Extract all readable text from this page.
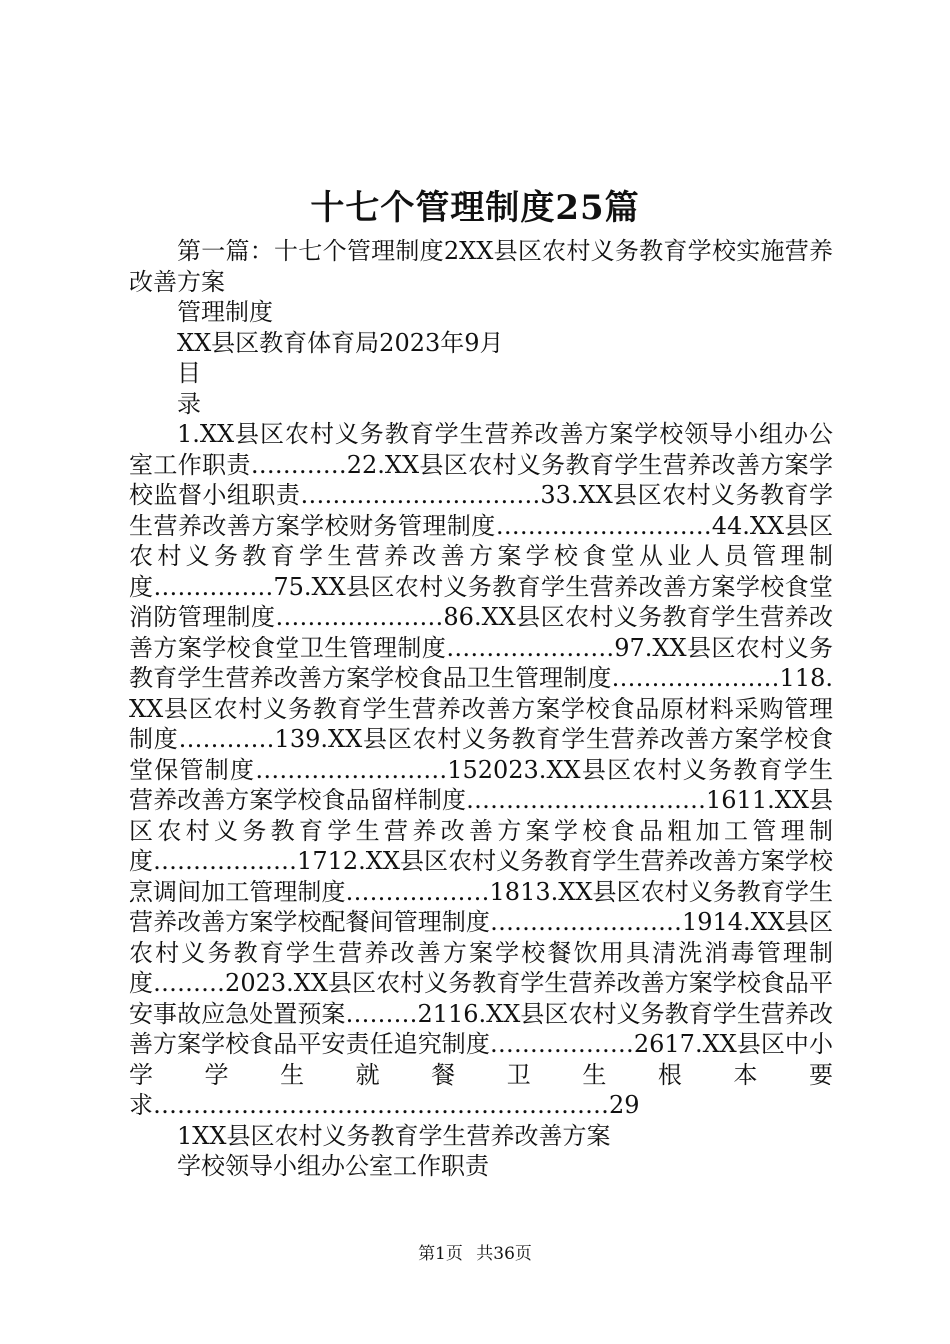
十七个管理制度25篇

第一篇：十七个管理制度2XX县区农村义务教育学校实施营养改善方案

管理制度

XX县区教育体育局2023年9月

目

录

1.XX县区农村义务教育学生营养改善方案学校领导小组办公室工作职责…………22.XX县区农村义务教育学生营养改善方案学校监督小组职责…………………………33.XX县区农村义务教育学生营养改善方案学校财务管理制度………………………44.XX县区农村义务教育学生营养改善方案学校食堂从业人员管理制度……………75.XX县区农村义务教育学生营养改善方案学校食堂消防管理制度…………………86.XX县区农村义务教育学生营养改善方案学校食堂卫生管理制度…………………97.XX县区农村义务教育学生营养改善方案学校食品卫生管理制度…………………118.XX县区农村义务教育学生营养改善方案学校食品原材料采购管理制度…………139.XX县区农村义务教育学生营养改善方案学校食堂保管制度……………………152023.XX县区农村义务教育学生营养改善方案学校食品留样制度…………………………1611.XX县区农村义务教育学生营养改善方案学校食品粗加工管理制度………………1712.XX县区农村义务教育学生营养改善方案学校烹调间加工管理制度………………1813.XX县区农村义务教育学生营养改善方案学校配餐间管理制度……………………1914.XX县区农村义务教育学生营养改善方案学校餐饮用具清洗消毒管理制度………2023.XX县区农村义务教育学生营养改善方案学校食品平安事故应急处置预案………2116.XX县区农村义务教育学生营养改善方案学校食品平安责任追究制度………………2617.XX县区中小学学生就餐卫生根本要求…………………………………………………29

1XX县区农村义务教育学生营养改善方案

学校领导小组办公室工作职责

第1页 共36页
